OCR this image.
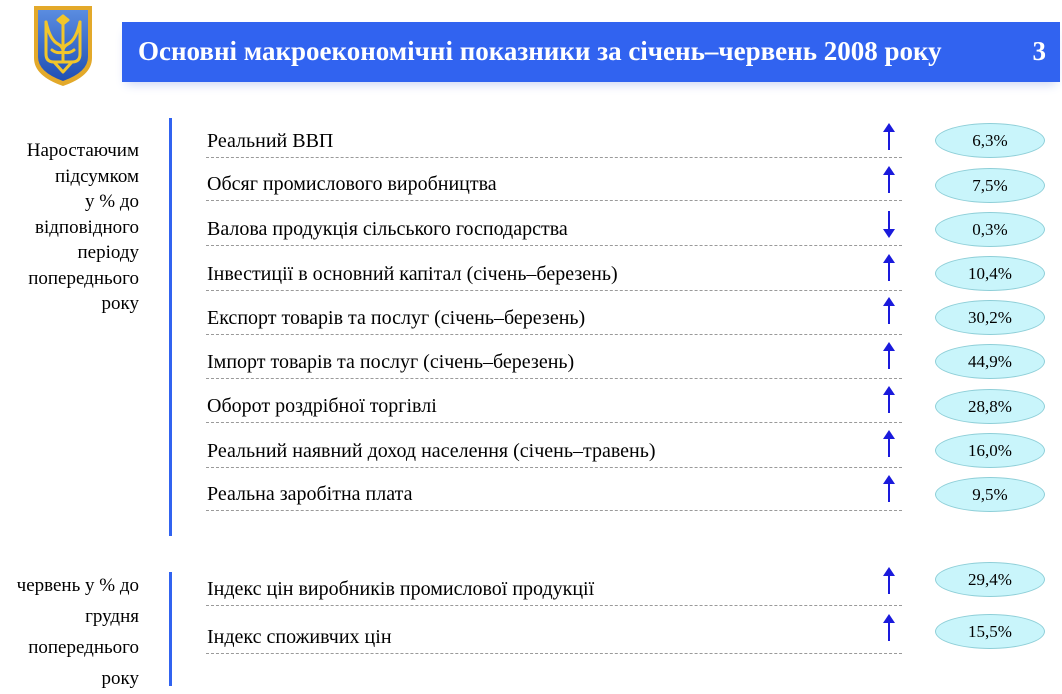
Основні макроекономічні показники за січень–червень 2008 року	3
Наростаючим
підсумком
у % до
відповідного
періоду
попереднього
року
червень у % до
грудня
попереднього
року
Реальний ВВП
Обсяг промислового виробництва
Валова продукція сільського господарства
Інвестиції в основний капітал (січень–березень)
Експорт товарів та послуг (січень–березень)
Імпорт товарів та послуг (січень–березень)
Оборот роздрібної торгівлі
Реальний наявний доход населення (січень–травень)
Реальна заробітна плата
Індекс цін виробників промислової продукції
Індекс споживчих цін
6,3%
7,5%
0,3%
10,4%
30,2%
44,9%
28,8%
16,0%
9,5%
29,4%
15,5%
